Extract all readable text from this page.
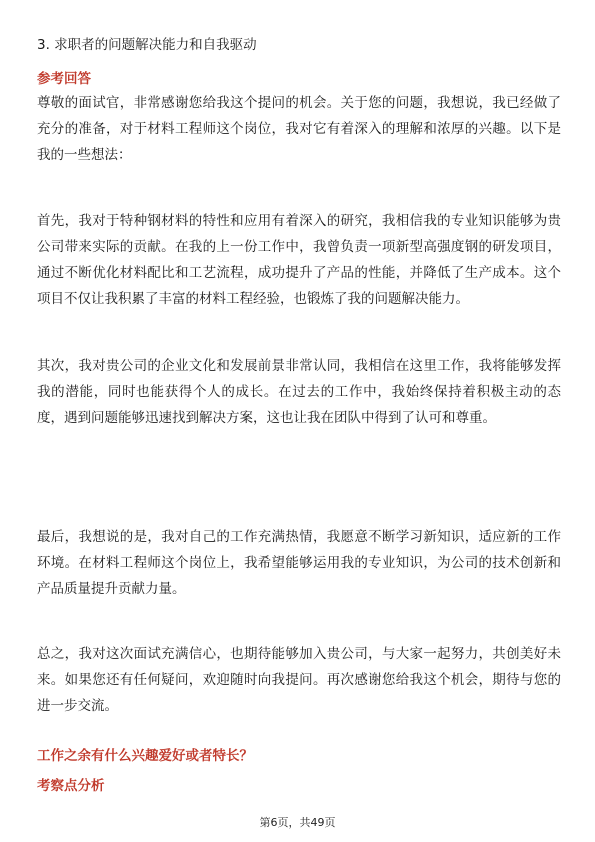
3. 求职者的问题解决能力和自我驱动
参考回答

尊敬的面试官，非常感谢您给我这个提问的机会。关于您的问题，我想说，我已经做了充分的准备，对于材料工程师这个岗位，我对它有着深入的理解和浓厚的兴趣。以下是我的一些想法：

首先，我对于特种钢材料的特性和应用有着深入的研究，我相信我的专业知识能够为贵公司带来实际的贡献。在我的上一份工作中，我曾负责一项新型高强度钢的研发项目，通过不断优化材料配比和工艺流程，成功提升了产品的性能，并降低了生产成本。这个项目不仅让我积累了丰富的材料工程经验，也锻炼了我的问题解决能力。

其次，我对贵公司的企业文化和发展前景非常认同，我相信在这里工作，我将能够发挥我的潜能，同时也能获得个人的成长。在过去的工作中，我始终保持着积极主动的态度，遇到问题能够迅速找到解决方案，这也让我在团队中得到了认可和尊重。

最后，我想说的是，我对自己的工作充满热情，我愿意不断学习新知识，适应新的工作环境。在材料工程师这个岗位上，我希望能够运用我的专业知识，为公司的技术创新和产品质量提升贡献力量。

总之，我对这次面试充满信心，也期待能够加入贵公司，与大家一起努力，共创美好未来。如果您还有任何疑问，欢迎随时向我提问。再次感谢您给我这个机会，期待与您的进一步交流。

工作之余有什么兴趣爱好或者特长？
考察点分析
第6页，共49页
